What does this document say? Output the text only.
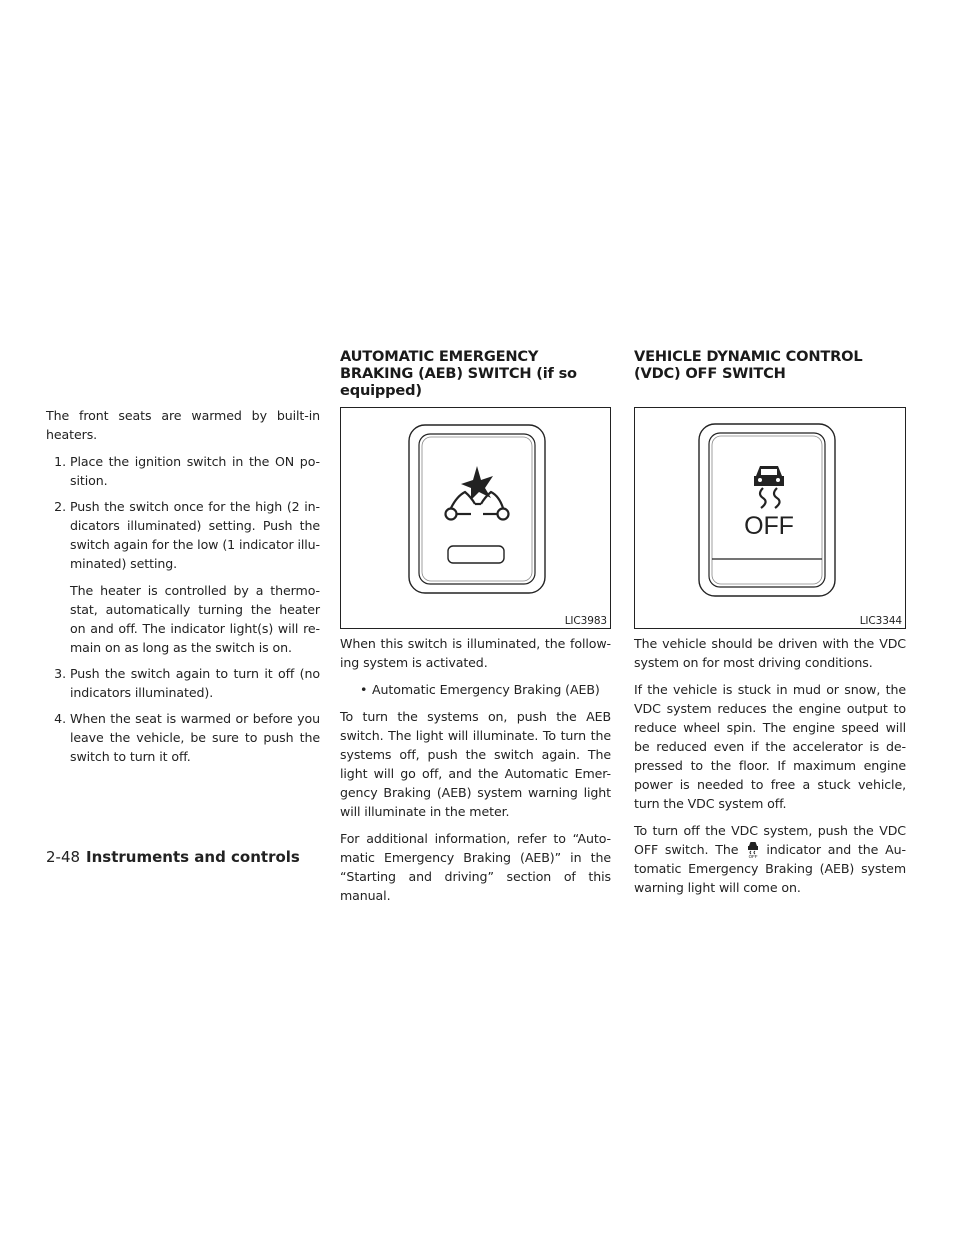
The front seats are warmed by built-in heaters.

1. Place the ignition switch in the ON po- sition.
2. Push the switch once for the high (2 in- dicators illuminated) setting. Push the switch again for the low (1 indicator illu- minated) setting.
The heater is controlled by a thermo- stat, automatically turning the heater on and off. The indicator light(s) will re- main on as long as the switch is on.
3. Push the switch again to turn it off (no indicators illuminated).
4. When the seat is warmed or before you leave the vehicle, be sure to push the switch to turn it off.
AUTOMATIC EMERGENCY BRAKING (AEB) SWITCH (if so equipped)
LIC3983

When this switch is illuminated, the follow- ing system is activated.

• Automatic Emergency Braking (AEB)

To turn the systems on, push the AEB switch. The light will illuminate. To turn the systems off, push the switch again. The light will go off, and the Automatic Emer- gency Braking (AEB) system warning light will illuminate in the meter.

For additional information, refer to “Auto- matic Emergency Braking (AEB)” in the “Starting and driving” section of this manual.

VEHICLE DYNAMIC CONTROL (VDC) OFF SWITCH
OFF
LIC3344

The vehicle should be driven with the VDC system on for most driving conditions.

If the vehicle is stuck in mud or snow, the VDC system reduces the engine output to reduce wheel spin. The engine speed will be reduced even if the accelerator is de- pressed to the floor. If maximum engine power is needed to free a stuck vehicle, turn the VDC system off.

To turn off the VDC system, push the VDC OFF switch. The OFF indicator and the Au- tomatic Emergency Braking (AEB) system warning light will come on.

2-48 Instruments and controls
